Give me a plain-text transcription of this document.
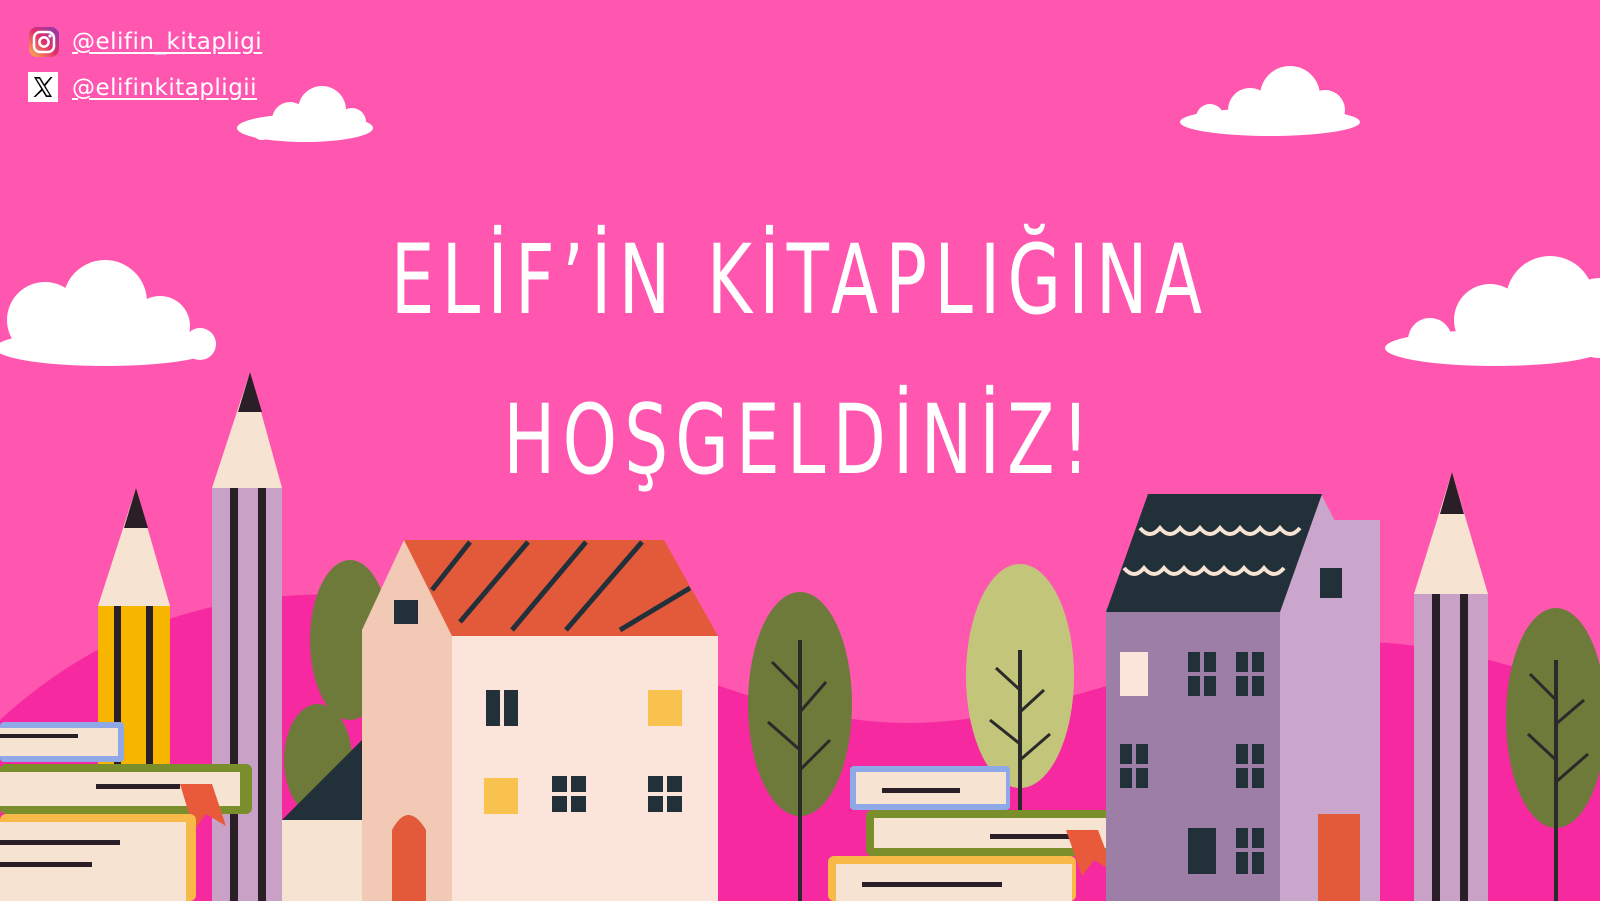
@elifin_kitapligi
@elifinkitapligii
ELİF’İN KİTAPLIĞINA
HOŞGELDİNİZ!
